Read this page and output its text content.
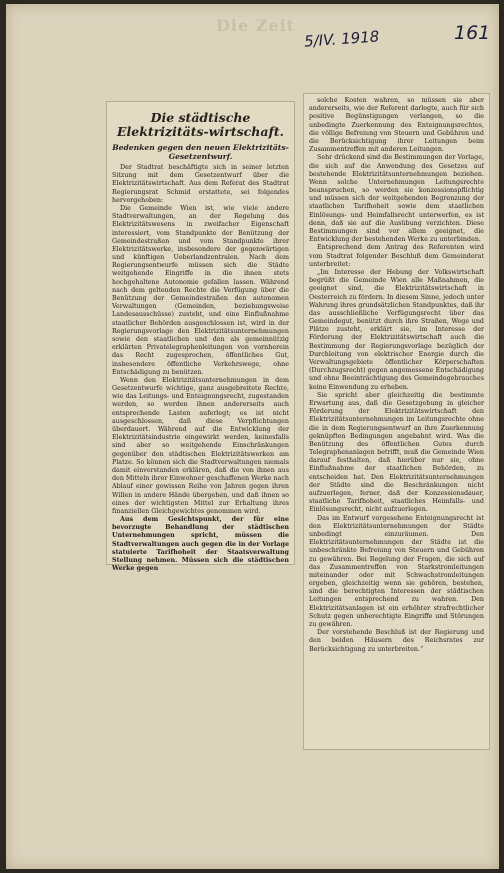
Die Zeit
5/IV. 1918	161
Die städtische Elektrizitäts-wirtschaft.
Bedenken gegen den neuen Elektrizitäts-Gesetzentwurf.

Der Stadtrat beschäftigte sich in seiner letzten Sitzung mit dem Gesetzentwurf über die Elektrizitätswirtschaft. Aus dem Referat des Stadtrat Regierungsrat Schmid erstattete, sei folgendes hervorgehoben:

Die Gemeinde Wien ist, wie viele andere Stadtverwaltungen, an der Regelung des Elektrizitätswesens in zweifacher Eigenschaft interessiert, vom Standpunkte der Benützung der Gemeindestraßen und vom Standpunkte ihrer Elektrizitätswerke, insbesondere der gegenwärtigen und künftigen Ueberlandzentralen. Nach dem Regierungsentwurfe müssen sich die Städte weitgehende Eingriffe in die ihnen stets hochgehaltene Autonomie gefallen lassen. Während nach dem geltenden Rechte die Verfügung über die Benützung der Gemeindestraßen den autonomen Verwaltungen (Gemeinden, beziehungsweise Landesausschüsse) zusteht, und eine Einflußnahme staatlicher Behörden ausgeschlossen ist, wird in der Regierungsvorlage den Elektrizitätsunternehmungen sowie den staatlichen und den als gemeinnützig erklärten Privatelegraphenleitungen von vornherein das Recht zugesprochen, öffentliches Gut, insbesondere öffentliche Verkehrswege, ohne Entschädigung zu benützen.

Wenn den Elektrizitätsunternehmungen in dem Gesetzentwurfe wichtige, ganz ausgebreitete Rechte, wie das Leitungs- und Enteignungsrecht, zugestanden werden, so werden ihnen andererseits auch entsprechende Lasten auferlegt; es ist nicht ausgeschlossen, daß diese Verpflichtungen überdauert. Während auf die Entwicklung der Elektrizitätsindustrie eingewirkt werden, keinesfalls sind aber so weitgehende Einschränkungen gegenüber den städtischen Elektrizitätswerken am Platze. So können sich die Stadtverwaltungen niemals damit einverstanden erklären, daß die von ihnen aus den Mitteln ihrer Einwohner geschaffenen Werke nach Ablauf einer gewissen Reihe von Jahren gegen ihren Willen in andere Hände übergehen, und daß ihnen so eines der wichtigsten Mittel zur Erhaltung ihres finanziellen Gleichgewichtes genommen wird.

Aus dem Gesichtspunkt, der für eine bevorzugte Behandlung der städtischen Unternehmungen spricht, müssen die Stadtverwaltungen auch gegen die in der Vorlage statuierte Tarifhoheit der Staatsverwaltung Stellung nehmen. Müssen sich die städtischen Werke gegen

solche Kosten wahren, so müssen sie aber andererseits, wie der Referent darlegte, auch für sich positive Begünstigungen verlangen, so die unbedingte Zuerkennung des Enteignungsrechtes, die völlige Befreiung von Steuern und Gebühren und die Berücksichtigung ihrer Leitungen beim Zusammentreffen mit anderen Leitungen.

Sehr drückend sind die Bestimmungen der Vorlage, die sich auf die Anwendung des Gesetzes auf bestehende Elektrizitätsunternehmungen beziehen. Wenn solche Unternehmungen Leitungsrechte beanspruchen, so werden sie konzessionspflichtig und müssen sich der weitgehenden Begrenzung der staatlichen Tarifhoheit sowie dem staatlichen Einlösungs- und Heimfallsrecht unterwerfen, es ist denn, daß sie auf die Ausübung verzichten. Diese Bestimmungen sind vor allem geeignet, die Entwicklung der bestehenden Werke zu unterbinden.

Entsprechend dem Antrag des Referenten wird vom Stadtrat folgender Beschluß dem Gemeinderat unterbreitet:

„Im Interesse der Hebung der Volkswirtschaft begrüßt die Gemeinde Wien alle Maßnahmen, die geeignet sind, die Elektrizitätswirtschaft in Oesterreich zu fördern. In diesem Sinne, jedoch unter Wahrung ihres grundsätzlichen Standpunktes, daß ihr das ausschließliche Verfügungsrecht über das Gemeindegut, benützt durch ihre Straßen, Wege und Plätze zusteht, erklärt sie, im Interesse der Förderung der Elektrizitätswirtschaft auch die Bestimmung der Regierungsvorlage bezüglich der Durchleitung von elektrischer Energie durch die Verwaltungsgebiete öffentlicher Körperschaften (Durchzugsrecht) gegen angemessene Entschädigung und ohne Beeinträchtigung des Gemeindegebrauches keine Einwendung zu erheben.

Sie spricht aber gleichzeitig die bestimmte Erwartung aus, daß die Gesetzgebung in gleicher Förderung der Elektrizitätswirtschaft den Elektrizitätsunternehmungen im Leitungsrechte ohne die in dem Regierungsentwurf an ihre Zuerkennung geknüpften Bedingungen angebahnt wird. Was die Benützung des öffentlichen Gutes durch Telegraphenanlagen betrifft, muß die Gemeinde Wien darauf festhalten, daß hierüber nur sie, ohne Einflußnahme der staatlichen Behörden, zu entscheiden hat. Den Elektrizitätsunternehmungen der Städte sind die Beschränkungen nicht aufzuerlegen, ferner, daß der Konzessionsdauer, staatliche Tarifhoheit, staatliches Heimfalls- und Einlösungsrecht, nicht aufzuerlegen.

Das im Entwurf vorgesehene Enteignungsrecht ist den Elektrizitätsunternehmungen der Städte unbedingt einzuräumen. Den Elektrizitätsunternehmungen der Städte ist die unbeschränkte Befreiung von Steuern und Gebühren zu gewähren. Bei Regelung der Fragen, die sich auf das Zusammentreffen von Starkstromleitungen miteinander oder mit Schwachstromleitungen ergeben, gleichzeitig wenn sie gehören, bestehen, sind die berechtigten Interessen der städtischen Leitungen entsprechend zu wahren. Den Elektrizitätsanlagen ist ein erhöhter strafrechtlicher Schutz gegen unberechtigte Eingriffe und Störungen zu gewähren.

Der vorstehende Beschluß ist der Regierung und den beiden Häusern des Reichsrates zur Berücksichtigung zu unterbreiten.“
